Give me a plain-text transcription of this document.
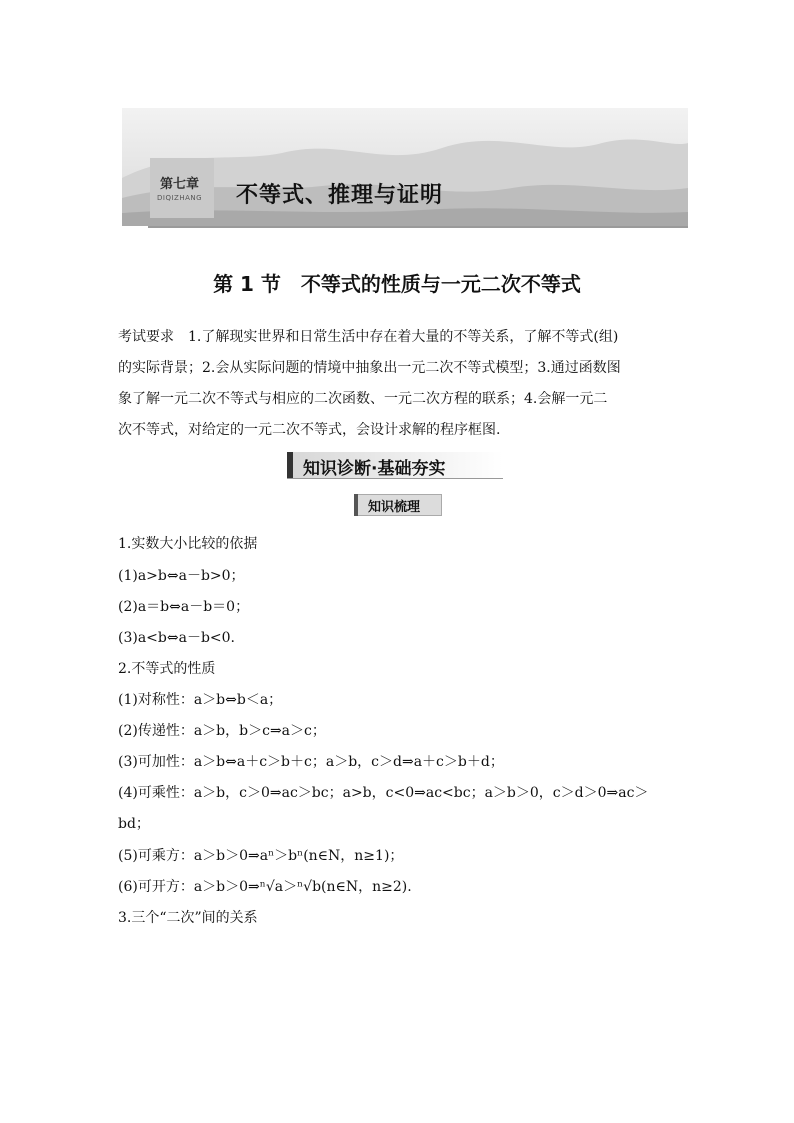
第七章
DIQIZHANG 不等式、推理与证明
第 1 节　不等式的性质与一元二次不等式
考试要求　1.了解现实世界和日常生活中存在着大量的不等关系，了解不等式(组)
的实际背景；2.会从实际问题的情境中抽象出一元二次不等式模型；3.通过函数图
象了解一元二次不等式与相应的二次函数、一元二次方程的联系；4.会解一元二
次不等式，对给定的一元二次不等式，会设计求解的程序框图.
知识诊断·基础夯实
知识梳理
1.实数大小比较的依据
(1)a>b⇔a－b>0；
(2)a＝b⇔a－b＝0；
(3)a<b⇔a－b<0.
2.不等式的性质
(1)对称性：a＞b⇔b＜a；
(2)传递性：a＞b，b＞c⇒a＞c；
(3)可加性：a＞b⇔a＋c＞b＋c；a＞b，c＞d⇒a＋c＞b＋d；
(4)可乘性：a＞b，c＞0⇒ac＞bc；a>b，c<0⇒ac<bc；a＞b＞0，c＞d＞0⇒ac＞
bd；
(5)可乘方：a＞b＞0⇒aⁿ＞bⁿ(n∈N，n≥1)；
(6)可开方：a＞b＞0⇒ⁿ√a＞ⁿ√b(n∈N，n≥2).
3.三个“二次”间的关系
